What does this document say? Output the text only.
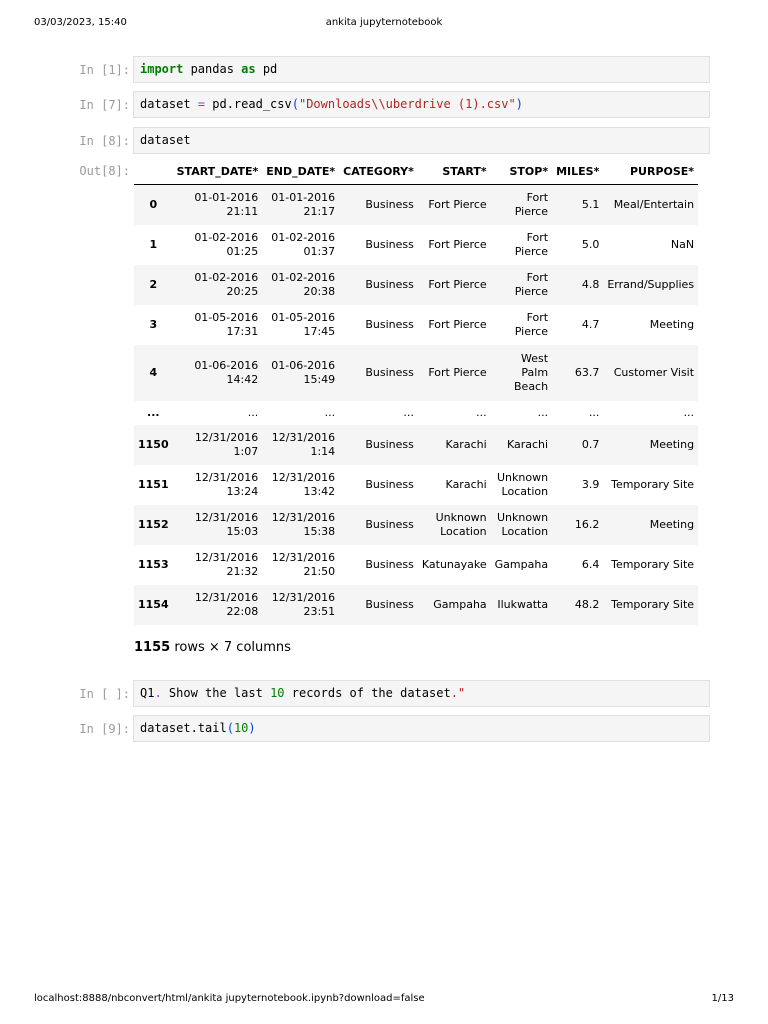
03/03/2023, 15:40	ankita jupyternotebook
In [1]: import pandas as pd
In [7]: dataset = pd.read_csv("Downloads\\uberdrive (1).csv")
In [8]: dataset
Out[8]:
		START_DATE*	END_DATE*	CATEGORY*	START*	STOP*	MILES*	PURPOSE*

0	01-01-2016
21:11	01-01-2016
21:17	Business	Fort Pierce	Fort
Pierce	5.1	Meal/Entertain

1	01-02-2016
01:25	01-02-2016
01:37	Business	Fort Pierce	Fort
Pierce	5.0	NaN

2	01-02-2016
20:25	01-02-2016
20:38	Business	Fort Pierce	Fort
Pierce	4.8	Errand/Supplies

3	01-05-2016
17:31	01-05-2016
17:45	Business	Fort Pierce	Fort
Pierce	4.7	Meeting

4	01-06-2016
14:42	01-06-2016
15:49	Business	Fort Pierce	West
Palm
Beach	63.7	Customer Visit

...	...	...	...	...	...	...	...

1150	12/31/2016
1:07	12/31/2016
1:14	Business	Karachi	Karachi	0.7	Meeting

1151	12/31/2016
13:24	12/31/2016
13:42	Business	Karachi	Unknown
Location	3.9	Temporary Site

1152	12/31/2016
15:03	12/31/2016
15:38	Business	Unknown
Location	Unknown
Location	16.2	Meeting

1153	12/31/2016
21:32	12/31/2016
21:50	Business	Katunayake	Gampaha	6.4	Temporary Site

1154	12/31/2016
22:08	12/31/2016
23:51	Business	Gampaha	Ilukwatta	48.2	Temporary Site
1155 rows × 7 columns
In [ ]: Q1. Show the last 10 records of the dataset."
In [9]: dataset.tail(10)
localhost:8888/nbconvert/html/ankita jupyternotebook.ipynb?download=false	1/13
